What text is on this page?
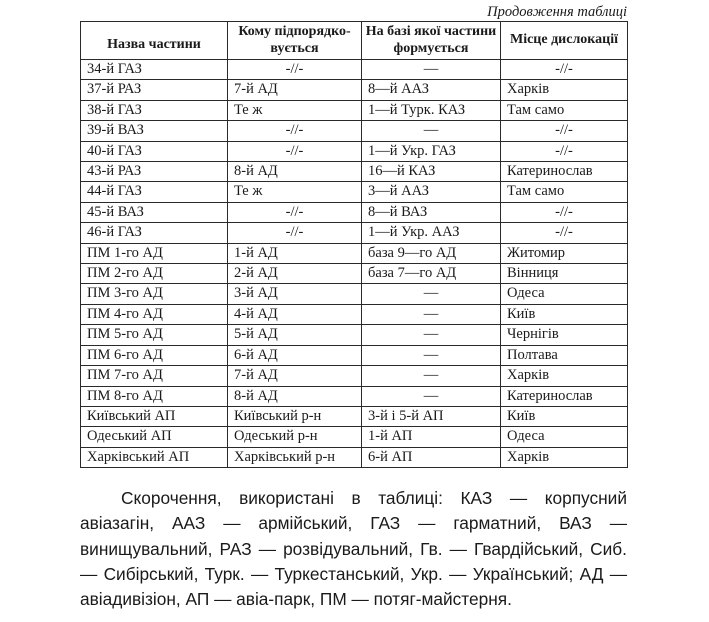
Продовження таблиці
Назва частини	Кому підпорядко-вується	На базі якої частини формується	Місце дислокації
34-й ГАЗ	-//-	—	-//-
37-й РАЗ	7-й АД	8—й ААЗ	Харків
38-й ГАЗ	Те ж	1—й Турк. КАЗ	Там само
39-й ВАЗ	-//-	—	-//-
40-й ГАЗ	-//-	1—й Укр. ГАЗ	-//-
43-й РАЗ	8-й АД	16—й КАЗ	Катеринослав
44-й ГАЗ	Те ж	3—й ААЗ	Там само
45-й ВАЗ	-//-	8—й ВАЗ	-//-
46-й ГАЗ	-//-	1—й Укр. ААЗ	-//-
ПМ 1-го АД	1-й АД	база 9—го АД	Житомир
ПМ 2-го АД	2-й АД	база 7—го АД	Вінниця
ПМ 3-го АД	3-й АД	—	Одеса
ПМ 4-го АД	4-й АД	—	Київ
ПМ 5-го АД	5-й АД	—	Чернігів
ПМ 6-го АД	6-й АД	—	Полтава
ПМ 7-го АД	7-й АД	—	Харків
ПМ 8-го АД	8-й АД	—	Катеринослав
Київський АП	Київський р-н	3-й і 5-й АП	Київ
Одеський АП	Одеський р-н	1-й АП	Одеса
Харківський АП	Харківський р-н	6-й АП	Харків

Скорочення, використані в таблиці: КАЗ — корпусний авіазагін, ААЗ — армійський, ГАЗ — гарматний, ВАЗ — винищувальний, РАЗ — розвідувальний, Гв. — Гвардійський, Сиб. — Сибірський, Турк. — Туркестанський, Укр. — Український; АД — авіадивізіон, АП — авіа-парк, ПМ — потяг-майстерня.
